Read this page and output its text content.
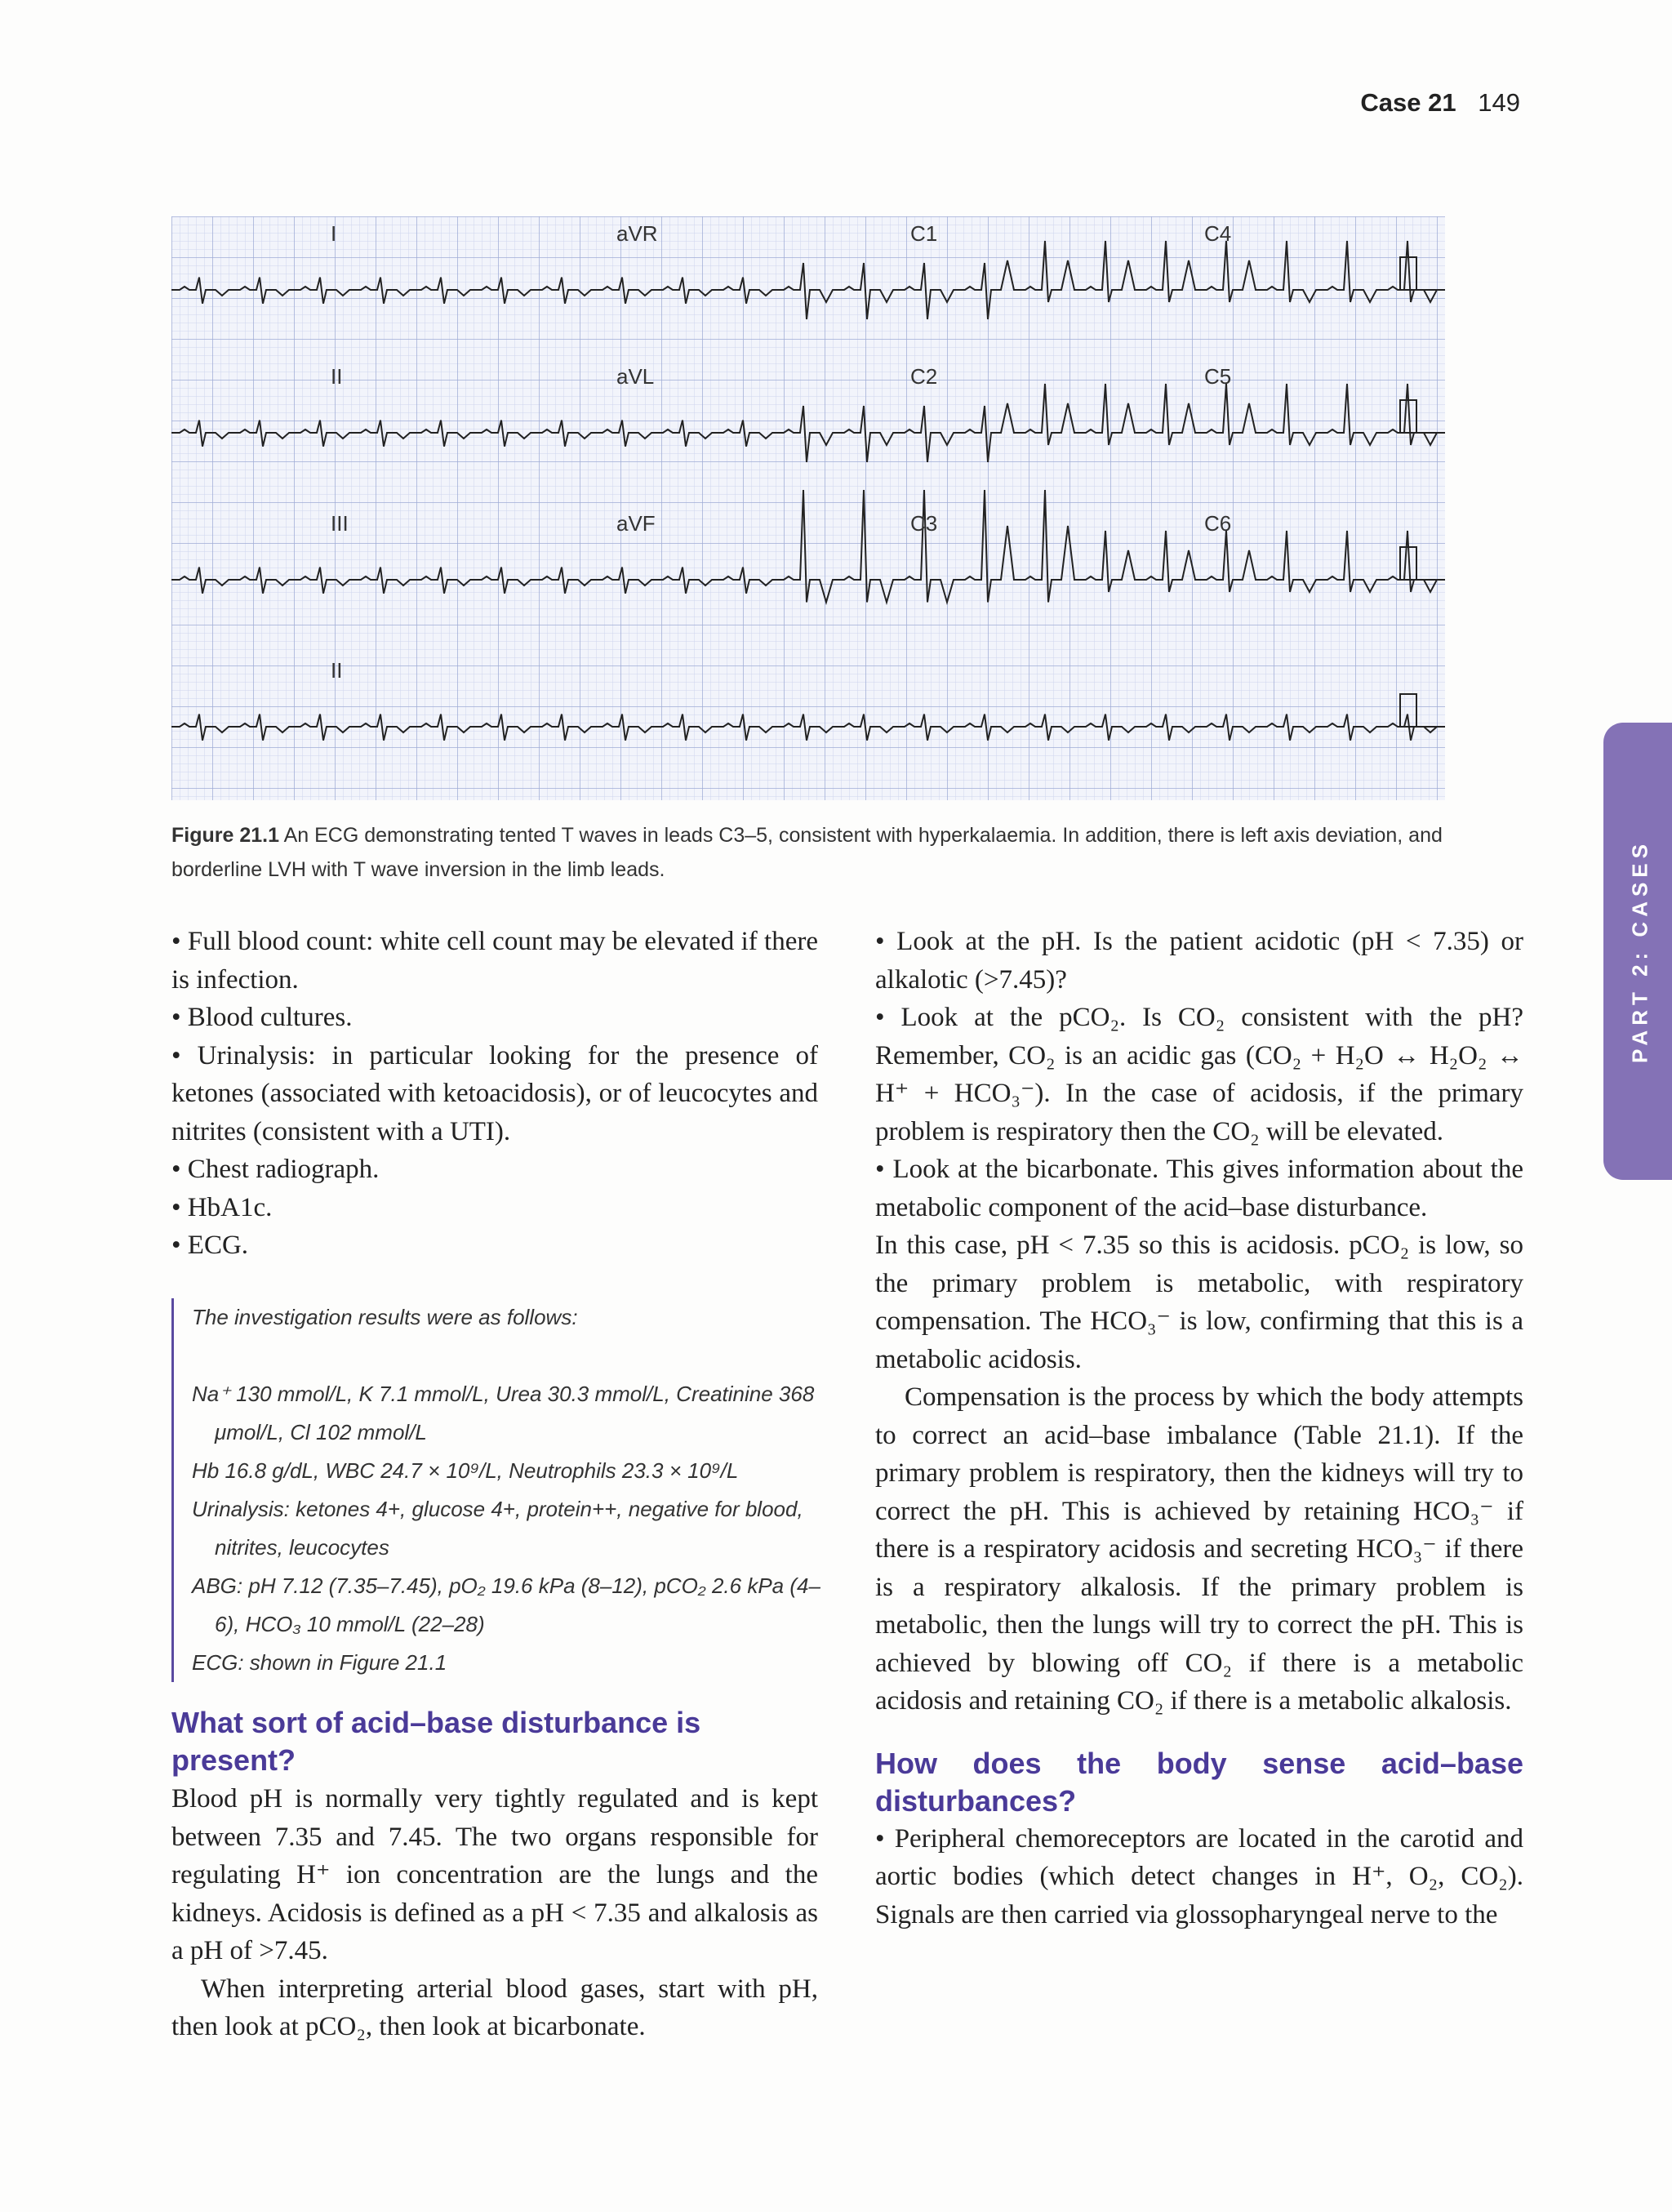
Case 21 149
PART 2: CASES
I	aVR	C1	C4
II	aVL	C2	C5
III	aVF	C3	C6
II
Figure 21.1 An ECG demonstrating tented T waves in leads C3–5, consistent with hyperkalaemia. In addition, there is left axis deviation, and borderline LVH with T wave inversion in the limb leads.

• Full blood count: white cell count may be elevated if there is infection.

• Blood cultures.

• Urinalysis: in particular looking for the presence of ketones (associated with ketoacidosis), or of leucocytes and nitrites (consistent with a UTI).

• Chest radiograph.

• HbA1c.

• ECG.

The investigation results were as follows:

Na⁺ 130 mmol/L, K 7.1 mmol/L, Urea 30.3 mmol/L, Creatinine 368 μmol/L, Cl 102 mmol/L

Hb 16.8 g/dL, WBC 24.7 × 10⁹/L, Neutrophils 23.3 × 10⁹/L

Urinalysis: ketones 4+, glucose 4+, protein++, negative for blood, nitrites, leucocytes

ABG: pH 7.12 (7.35–7.45), pO₂ 19.6 kPa (8–12), pCO₂ 2.6 kPa (4–6), HCO₃ 10 mmol/L (22–28)

ECG: shown in Figure 21.1

What sort of acid–base disturbance is present?

Blood pH is normally very tightly regulated and is kept between 7.35 and 7.45. The two organs responsible for regulating H⁺ ion concentration are the lungs and the kidneys. Acidosis is defined as a pH < 7.35 and alkalosis as a pH of >7.45.

When interpreting arterial blood gases, start with pH, then look at pCO₂, then look at bicarbonate.

• Look at the pH. Is the patient acidotic (pH < 7.35) or alkalotic (>7.45)?

• Look at the pCO₂. Is CO₂ consistent with the pH? Remember, CO₂ is an acidic gas (CO₂ + H₂O ↔ H₂O₂ ↔ H⁺ + HCO₃⁻). In the case of acidosis, if the primary problem is respiratory then the CO₂ will be elevated.

• Look at the bicarbonate. This gives information about the metabolic component of the acid–base disturbance.

In this case, pH < 7.35 so this is acidosis. pCO₂ is low, so the primary problem is metabolic, with respiratory compensation. The HCO₃⁻ is low, confirming that this is a metabolic acidosis.

Compensation is the process by which the body attempts to correct an acid–base imbalance (Table 21.1). If the primary problem is respiratory, then the kidneys will try to correct the pH. This is achieved by retaining HCO₃⁻ if there is a respiratory acidosis and secreting HCO₃⁻ if there is a respiratory alkalosis. If the primary problem is metabolic, then the lungs will try to correct the pH. This is achieved by blowing off CO₂ if there is a metabolic acidosis and retaining CO₂ if there is a metabolic alkalosis.

How does the body sense acid–base disturbances?

• Peripheral chemoreceptors are located in the carotid and aortic bodies (which detect changes in H⁺, O₂, CO₂). Signals are then carried via glossopharyngeal nerve to the
